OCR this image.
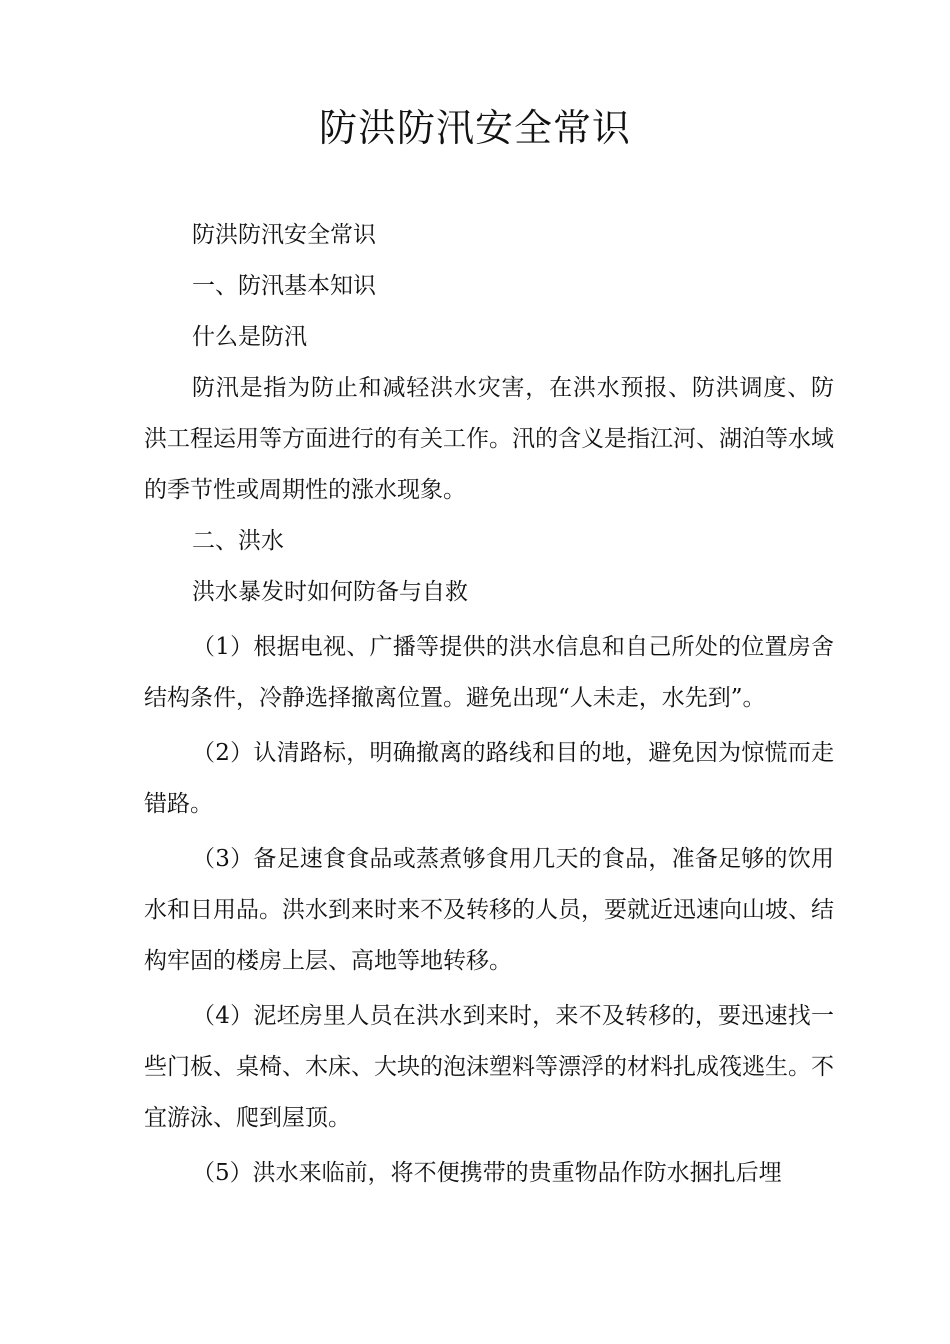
防洪防汛安全常识

防洪防汛安全常识

一、防汛基本知识

什么是防汛

防汛是指为防止和减轻洪水灾害，在洪水预报、防洪调度、防洪工程运用等方面进行的有关工作。汛的含义是指江河、湖泊等水域的季节性或周期性的涨水现象。

二、洪水

洪水暴发时如何防备与自救

（1）根据电视、广播等提供的洪水信息和自己所处的位置房舍结构条件，冷静选择撤离位置。避免出现“人未走，水先到”。

（2）认清路标，明确撤离的路线和目的地，避免因为惊慌而走错路。

（3）备足速食食品或蒸煮够食用几天的食品，准备足够的饮用水和日用品。洪水到来时来不及转移的人员，要就近迅速向山坡、结构牢固的楼房上层、高地等地转移。

（4）泥坯房里人员在洪水到来时，来不及转移的，要迅速找一些门板、桌椅、木床、大块的泡沫塑料等漂浮的材料扎成筏逃生。不宜游泳、爬到屋顶。

（5）洪水来临前，将不便携带的贵重物品作防水捆扎后埋
